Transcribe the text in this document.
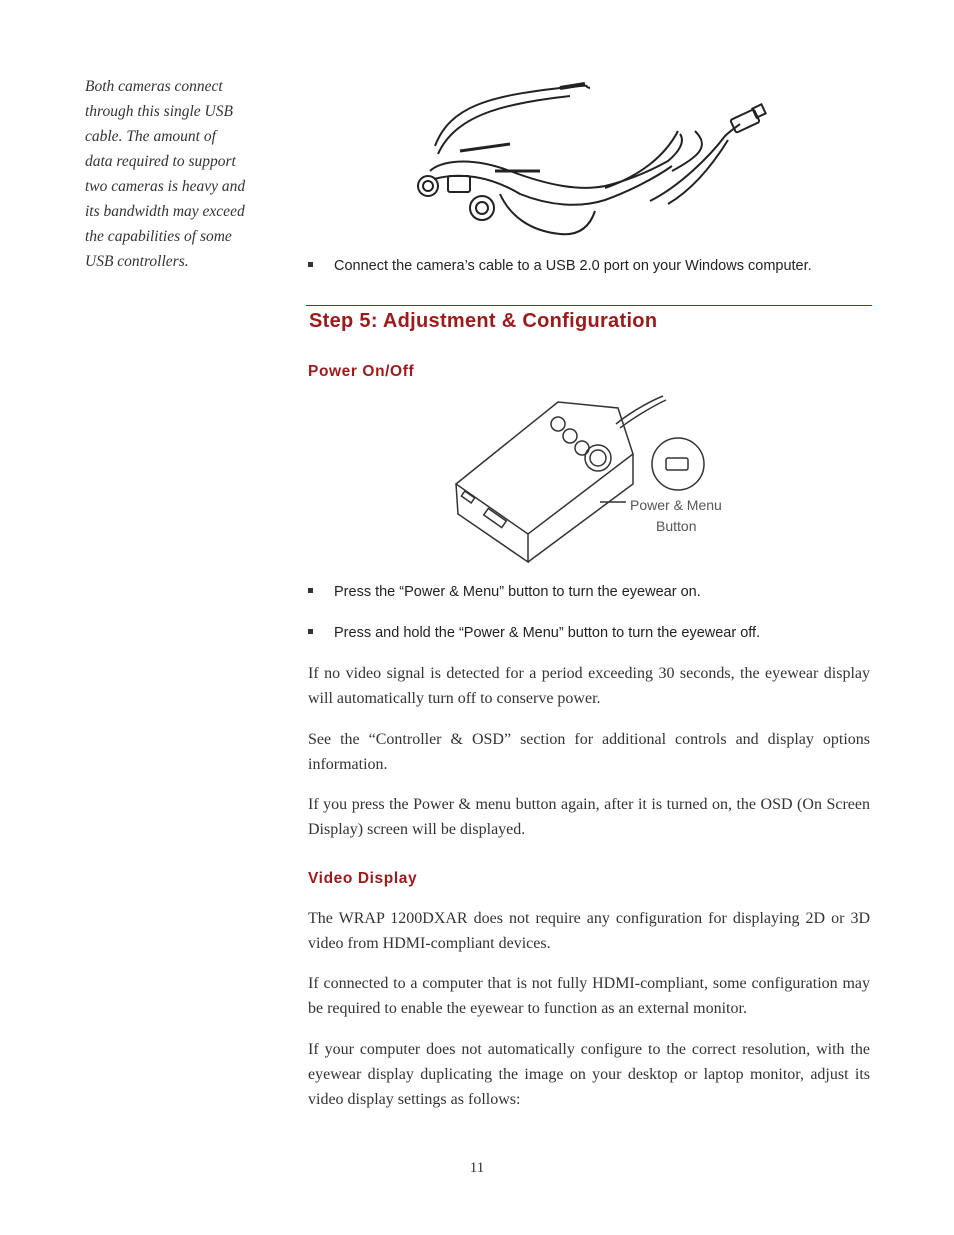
Both cameras connect
through this single USB
cable. The amount of
data required to support
two cameras is heavy and
its bandwidth may exceed
the capabilities of some
USB controllers.	Connect the camera’s cable to a USB 2.0 port on your Windows computer.
Step 5: Adjustment & Configuration
Power On/Off
Power & Menu
Button
Press the “Power & Menu” button to turn the eyewear on.
Press and hold the “Power & Menu” button to turn the eyewear off.
If no video signal is detected for a period exceeding 30 seconds, the eyewear display will automatically turn off to conserve power.
See the “Controller & OSD” section for additional controls and display options information.
If you press the Power & menu button again, after it is turned on, the OSD (On Screen Display) screen will be displayed.
Video Display
The WRAP 1200DXAR does not require any configuration for displaying 2D or 3D video from HDMI-compliant devices.
If connected to a computer that is not fully HDMI-compliant, some configuration may be required to enable the eyewear to function as an external monitor.
If your computer does not automatically configure to the correct resolution, with the eyewear display duplicating the image on your desktop or laptop monitor, adjust its video display settings as follows:
11
